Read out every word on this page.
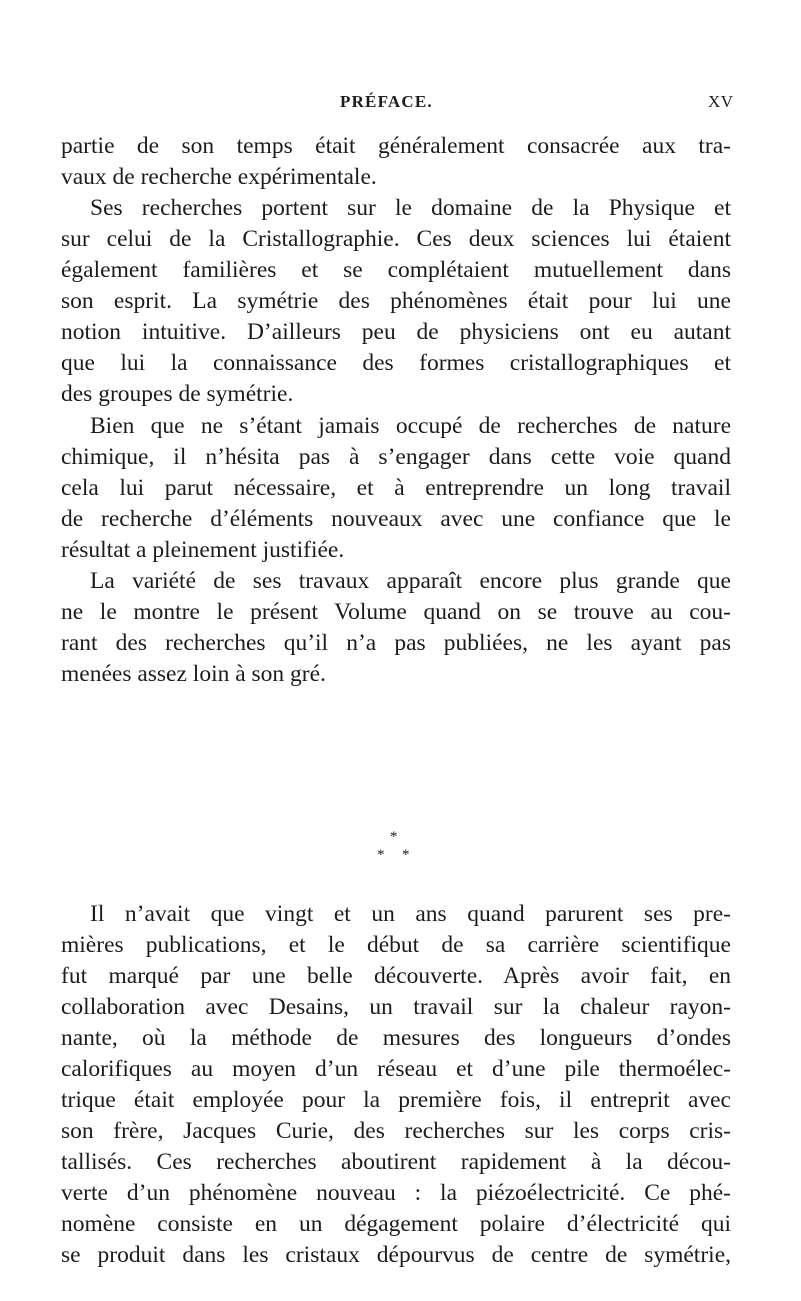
PRÉFACE.	XV
partie de son temps était généralement consacrée aux tra-
vaux de recherche expérimentale.
Ses recherches portent sur le domaine de la Physique et
sur celui de la Cristallographie. Ces deux sciences lui étaient
également familières et se complétaient mutuellement dans
son esprit. La symétrie des phénomènes était pour lui une
notion intuitive. D’ailleurs peu de physiciens ont eu autant
que lui la connaissance des formes cristallographiques et
des groupes de symétrie.
Bien que ne s’étant jamais occupé de recherches de nature
chimique, il n’hésita pas à s’engager dans cette voie quand
cela lui parut nécessaire, et à entreprendre un long travail
de recherche d’éléments nouveaux avec une confiance que le
résultat a pleinement justifiée.
La variété de ses travaux apparaît encore plus grande que
ne le montre le présent Volume quand on se trouve au cou-
rant des recherches qu’il n’a pas publiées, ne les ayant pas
menées assez loin à son gré.
*
* *
Il n’avait que vingt et un ans quand parurent ses pre-
mières publications, et le début de sa carrière scientifique
fut marqué par une belle découverte. Après avoir fait, en
collaboration avec Desains, un travail sur la chaleur rayon-
nante, où la méthode de mesures des longueurs d’ondes
calorifiques au moyen d’un réseau et d’une pile thermoélec-
trique était employée pour la première fois, il entreprit avec
son frère, Jacques Curie, des recherches sur les corps cris-
tallisés. Ces recherches aboutirent rapidement à la décou-
verte d’un phénomène nouveau : la piézoélectricité. Ce phé-
nomène consiste en un dégagement polaire d’électricité qui
se produit dans les cristaux dépourvus de centre de symétrie,
